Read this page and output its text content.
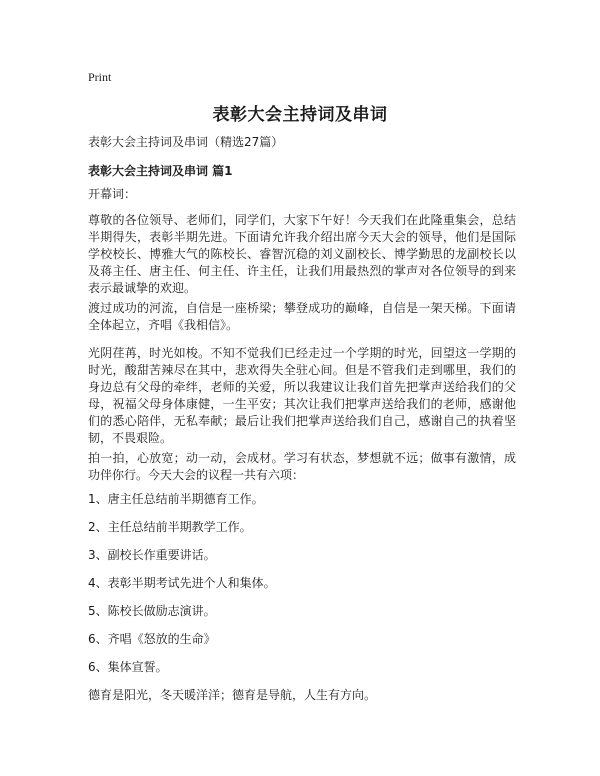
Print
表彰大会主持词及串词
表彰大会主持词及串词（精选27篇）
表彰大会主持词及串词 篇1

开幕词：

尊敬的各位领导、老师们，同学们，大家下午好！今天我们在此隆重集会，总结半期得失，表彰半期先进。下面请允许我介绍出席今天大会的领导，他们是国际学校校长、博雅大气的陈校长、睿智沉稳的刘义副校长、博学勤思的龙副校长以及蒋主任、唐主任、何主任、许主任，让我们用最热烈的掌声对各位领导的到来表示最诚挚的欢迎。

渡过成功的河流，自信是一座桥梁；攀登成功的巅峰，自信是一架天梯。下面请全体起立，齐唱《我相信》。

光阴荏苒，时光如梭。不知不觉我们已经走过一个学期的时光，回望这一学期的时光，酸甜苦辣尽在其中，悲欢得失全驻心间。但是不管我们走到哪里，我们的身边总有父母的牵绊，老师的关爱，所以我建议让我们首先把掌声送给我们的父母，祝福父母身体康健，一生平安；其次让我们把掌声送给我们的老师，感谢他们的悉心陪伴，无私奉献；最后让我们把掌声送给我们自己，感谢自己的执着坚韧，不畏艰险。

拍一拍，心放宽；动一动，会成材。学习有状态，梦想就不远；做事有激情，成功伴你行。今天大会的议程一共有六项：

1、唐主任总结前半期德育工作。

2、主任总结前半期教学工作。

3、副校长作重要讲话。

4、表彰半期考试先进个人和集体。

5、陈校长做励志演讲。

6、齐唱《怒放的生命》

6、集体宣誓。

德育是阳光，冬天暖洋洋；德育是导航，人生有方向。
